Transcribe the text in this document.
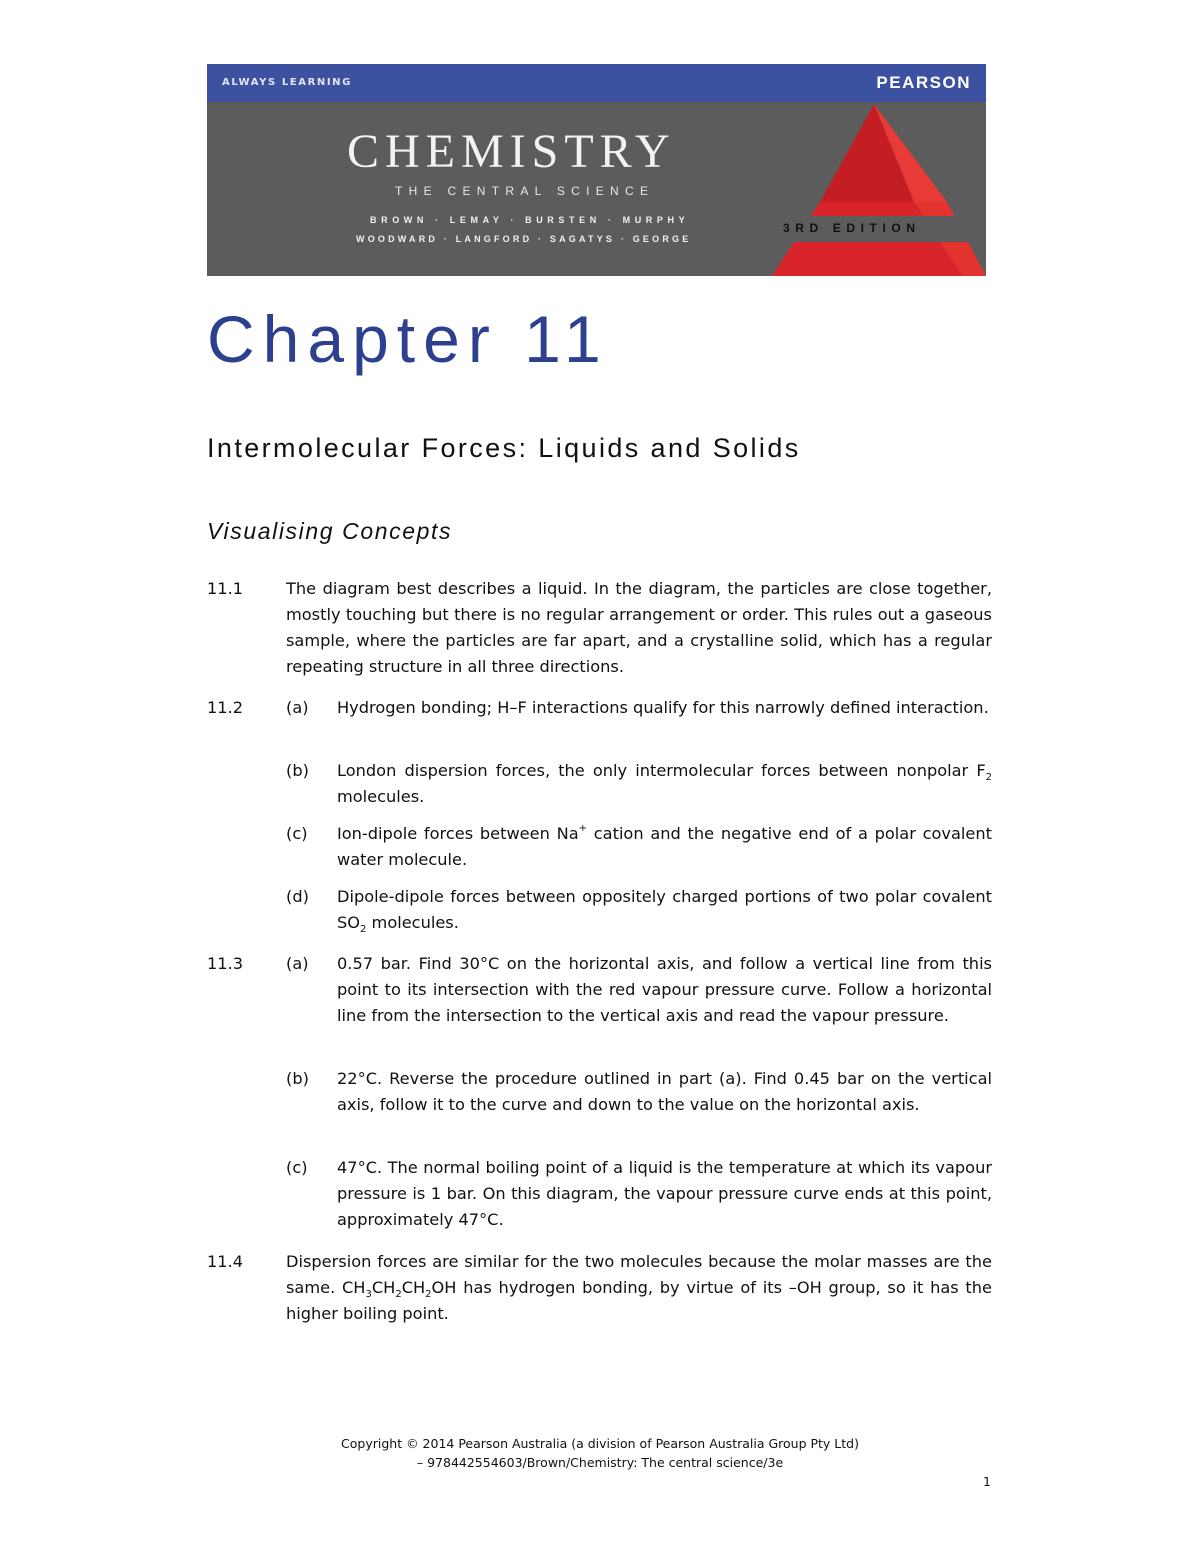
ALWAYS LEARNING	PEARSON
CHEMISTRY
THE CENTRAL SCIENCE
BROWN · LEMAY · BURSTEN · MURPHY
WOODWARD · LANGFORD · SAGATYS · GEORGE
3RD EDITION
Chapter 11
Intermolecular Forces: Liquids and Solids
Visualising Concepts
11.1	The diagram best describes a liquid. In the diagram, the particles are close together, mostly touching but there is no regular arrangement or order. This rules out a gaseous sample, where the particles are far apart, and a crystalline solid, which has a regular repeating structure in all three directions.
11.2	(a) Hydrogen bonding; H–F interactions qualify for this narrowly defined interaction.
(b) London dispersion forces, the only intermolecular forces between nonpolar $F_2$ molecules.
(c) Ion-dipole forces between Na+ cation and the negative end of a polar covalent water molecule.
(d) Dipole-dipole forces between oppositely charged portions of two polar covalent $SO_2$ molecules.
11.3	(a) 0.57 bar. Find 30°C on the horizontal axis, and follow a vertical line from this point to its intersection with the red vapour pressure curve. Follow a horizontal line from the intersection to the vertical axis and read the vapour pressure.
(b) 22°C. Reverse the procedure outlined in part (a). Find 0.45 bar on the vertical axis, follow it to the curve and down to the value on the horizontal axis.
(c) 47°C. The normal boiling point of a liquid is the temperature at which its vapour pressure is 1 bar. On this diagram, the vapour pressure curve ends at this point, approximately 47°C.
11.4	Dispersion forces are similar for the two molecules because the molar masses are the same. $CH_3CH_2CH_2OH$ has hydrogen bonding, by virtue of its –OH group, so it has the higher boiling point.
Copyright © 2014 Pearson Australia (a division of Pearson Australia Group Pty Ltd)
– 978442554603/Brown/Chemistry: The central science/3e
1
